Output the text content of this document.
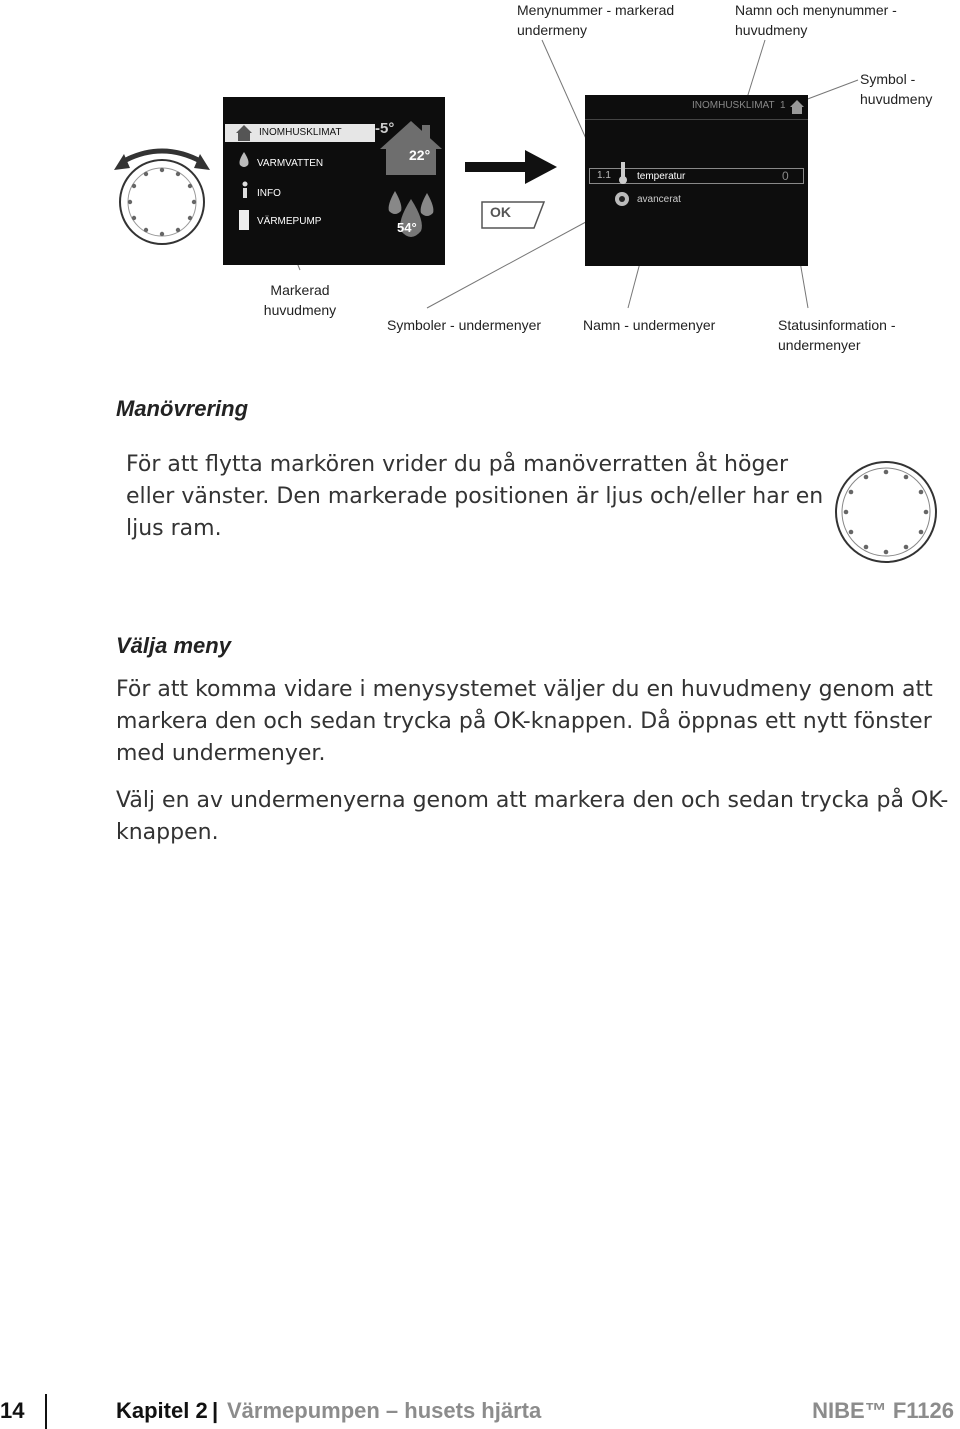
Menynummer - markerad undermeny
Namn och menynummer - huvudmeny
Symbol - huvudmeny
Markerad huvudmeny
Symboler - undermenyer	Namn - undermenyer	Statusinformation - undermenyer
INOMHUSKLIMAT
VARMVATTEN
INFO
VÄRMEPUMP
-5°
22°
54°
OK
INOMHUSKLIMAT  1
1.1	temperatur	0
avancerat
Manövrering
För att flytta markören vrider du på manöverratten åt höger eller vänster. Den markerade positionen är ljus och/eller har en ljus ram.
Välja meny
För att komma vidare i menysystemet väljer du en huvudmeny genom att markera den och sedan trycka på OK-knappen. Då öppnas ett nytt fönster med undermenyer.
Välj en av undermenyerna genom att markera den och sedan trycka på OK-knappen.
14	Kapitel 2 | Värmepumpen – husets hjärta	NIBE™ F1126
